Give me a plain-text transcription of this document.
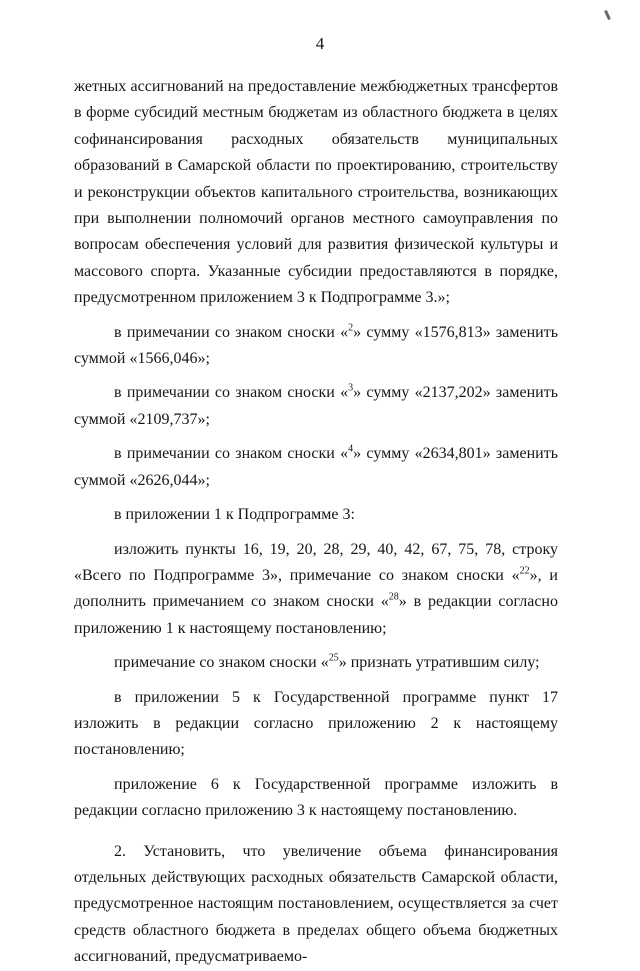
4

жетных ассигнований на предоставление межбюджетных трансфертов в форме субсидий местным бюджетам из областного бюджета в целях софинансирования расходных обязательств муниципальных образований в Самарской области по проектированию, строительству и реконструкции объектов капитального строительства, возникающих при выполнении полномочий органов местного самоуправления по вопросам обеспечения условий для развития физической культуры и массового спорта. Указанные субсидии предоставляются в порядке, предусмотренном приложением 3 к Подпрограмме 3.»;

в примечании со знаком сноски «$^2$» сумму «1576,813» заменить суммой «1566,046»;

в примечании со знаком сноски «$^3$» сумму «2137,202» заменить суммой «2109,737»;

в примечании со знаком сноски «$^4$» сумму «2634,801» заменить суммой «2626,044»;

в приложении 1 к Подпрограмме 3:

изложить пункты 16, 19, 20, 28, 29, 40, 42, 67, 75, 78, строку «Всего по Подпрограмме 3», примечание со знаком сноски «$^{22}$», и дополнить примечанием со знаком сноски «$^{28}$» в редакции согласно приложению 1 к настоящему постановлению;

примечание со знаком сноски «$^{25}$» признать утратившим силу;

в приложении 5 к Государственной программе пункт 17 изложить в редакции согласно приложению 2 к настоящему постановлению;

приложение 6 к Государственной программе изложить в редакции согласно приложению 3 к настоящему постановлению.

2. Установить, что увеличение объема финансирования отдельных действующих расходных обязательств Самарской области, предусмотренное настоящим постановлением, осуществляется за счет средств областного бюджета в пределах общего объема бюджетных ассигнований, предусматриваемо-
